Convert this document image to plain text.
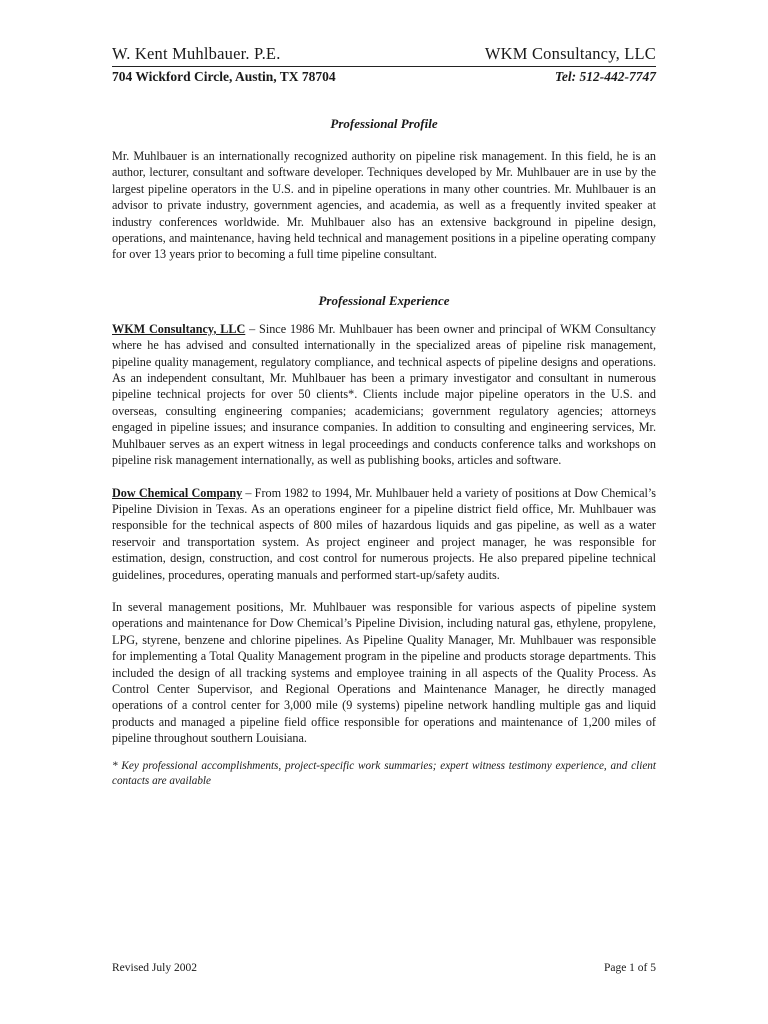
W. Kent Muhlbauer. P.E.	WKM Consultancy, LLC
704 Wickford Circle, Austin, TX 78704	Tel: 512-442-7747
Professional Profile

Mr. Muhlbauer is an internationally recognized authority on pipeline risk management. In this field, he is an author, lecturer, consultant and software developer. Techniques developed by Mr. Muhlbauer are in use by the largest pipeline operators in the U.S. and in pipeline operations in many other countries. Mr. Muhlbauer is an advisor to private industry, government agencies, and academia, as well as a frequently invited speaker at industry conferences worldwide. Mr. Muhlbauer also has an extensive background in pipeline design, operations, and maintenance, having held technical and management positions in a pipeline operating company for over 13 years prior to becoming a full time pipeline consultant.

Professional Experience

WKM Consultancy, LLC – Since 1986 Mr. Muhlbauer has been owner and principal of WKM Consultancy where he has advised and consulted internationally in the specialized areas of pipeline risk management, pipeline quality management, regulatory compliance, and technical aspects of pipeline designs and operations. As an independent consultant, Mr. Muhlbauer has been a primary investigator and consultant in numerous pipeline technical projects for over 50 clients*. Clients include major pipeline operators in the U.S. and overseas, consulting engineering companies; academicians; government regulatory agencies; attorneys engaged in pipeline issues; and insurance companies. In addition to consulting and engineering services, Mr. Muhlbauer serves as an expert witness in legal proceedings and conducts conference talks and workshops on pipeline risk management internationally, as well as publishing books, articles and software.

Dow Chemical Company – From 1982 to 1994, Mr. Muhlbauer held a variety of positions at Dow Chemical’s Pipeline Division in Texas. As an operations engineer for a pipeline district field office, Mr. Muhlbauer was responsible for the technical aspects of 800 miles of hazardous liquids and gas pipeline, as well as a water reservoir and transportation system. As project engineer and project manager, he was responsible for estimation, design, construction, and cost control for numerous projects. He also prepared pipeline technical guidelines, procedures, operating manuals and performed start-up/safety audits.

In several management positions, Mr. Muhlbauer was responsible for various aspects of pipeline system operations and maintenance for Dow Chemical’s Pipeline Division, including natural gas, ethylene, propylene, LPG, styrene, benzene and chlorine pipelines. As Pipeline Quality Manager, Mr. Muhlbauer was responsible for implementing a Total Quality Management program in the pipeline and products storage departments. This included the design of all tracking systems and employee training in all aspects of the Quality Process. As Control Center Supervisor, and Regional Operations and Maintenance Manager, he directly managed operations of a control center for 3,000 mile (9 systems) pipeline network handling multiple gas and liquid products and managed a pipeline field office responsible for operations and maintenance of 1,200 miles of pipeline throughout southern Louisiana.

* Key professional accomplishments, project-specific work summaries; expert witness testimony experience, and client contacts are available
Revised July 2002	Page 1 of 5
